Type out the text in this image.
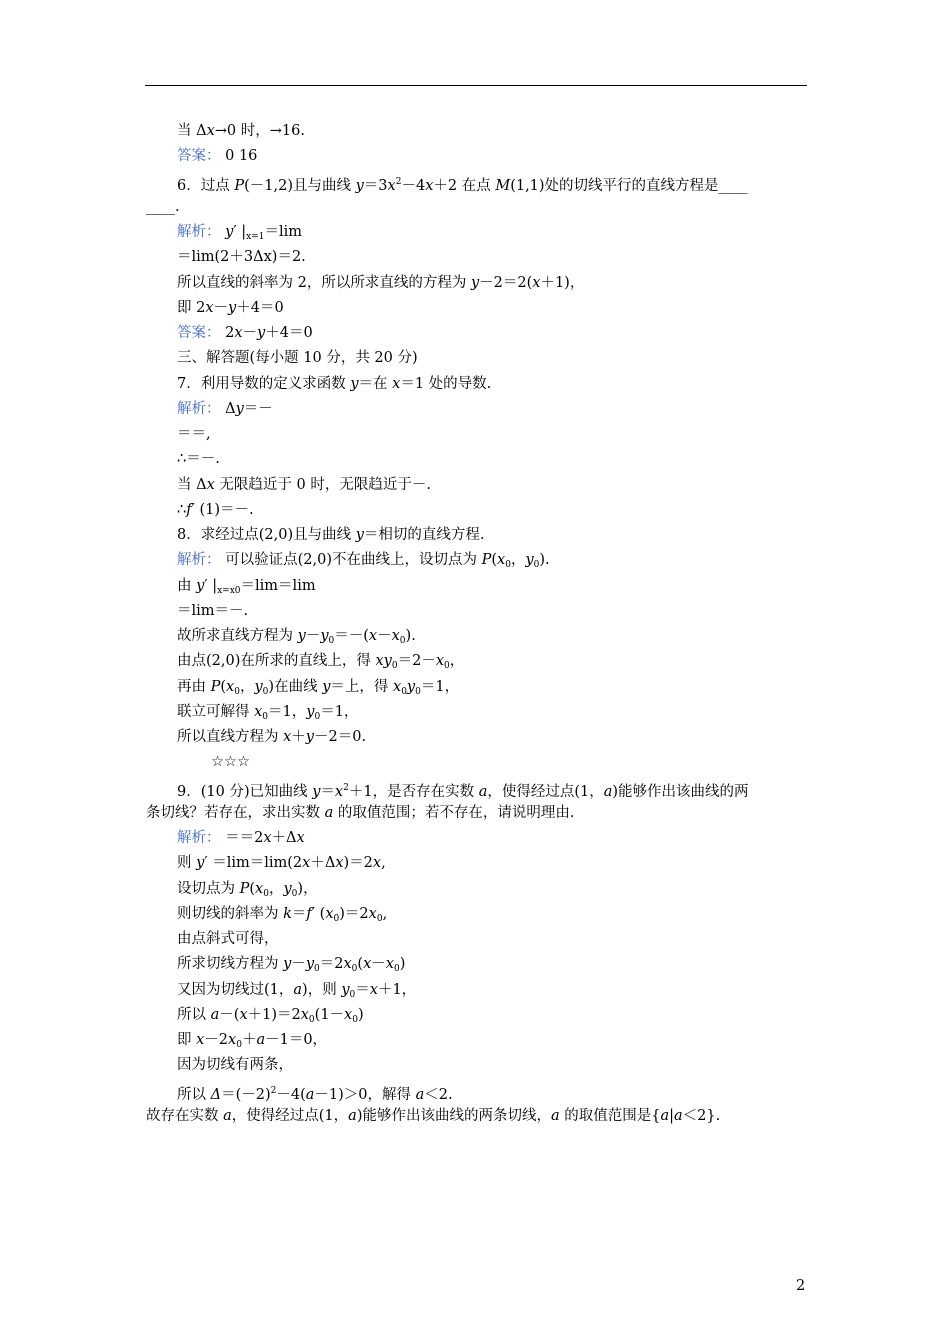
当 Δx→0 时，→16.
答案： 0 16
6．过点 P(－1,2)且与曲线 $y=3x^2-4x+2$ 在点 M(1,1)处的切线平行的直线方程是____
____.
解析： y′ $|_{x=1}=\lim$
＝lim(2＋3Δx)＝2.
所以直线的斜率为 2，所以所求直线的方程为 y－2＝2(x＋1)，
即 2x－y＋4＝0
答案： 2x－y＋4＝0
三、解答题(每小题 10 分，共 20 分)
7．利用导数的定义求函数 y＝在 x＝1 处的导数.
解析： Δy＝－
＝＝,
∴＝－.
当 Δx 无限趋近于 0 时，无限趋近于－.
∴f′ (1)＝－.
8．求经过点(2,0)且与曲线 y＝相切的直线方程.
解析： 可以验证点(2,0)不在曲线上，设切点为 $P(x_0$，$y_0$).
由 y′ $|_{x=x0}=\lim=\lim$
＝lim＝－.
故所求直线方程为 $y-y_0=-(x-x_0)$.
由点(2,0)在所求的直线上，得 $xy_0=2-x_0$，
再由 $P(x_0$，$y_0$)在曲线 y＝上，得 $x_0y_0=1$，
联立可解得 $x_0=1$，$y_0=1$，
所以直线方程为 x＋y－2＝0.
☆☆☆
9．(10 分)已知曲线 $y=x^2+1$，是否存在实数 a，使得经过点(1，a)能够作出该曲线的两
条切线？若存在，求出实数 a 的取值范围；若不存在，请说明理由.
解析： ＝＝2x＋Δx
则 y′ ＝lim＝lim(2x＋Δx)＝2x,
设切点为 $P(x_0$，$y_0$)，
则切线的斜率为 k＝f′ $(x_0)=2x_0$,
由点斜式可得，
所求切线方程为 $y-y_0=2x_0(x-x_0)$
又因为切线过(1，a)，则 $y_0=x+1$，
所以 $a-(x+1)=2x_0(1-x_0)$
即 $x-2x_0+a-1=0$，
因为切线有两条，
所以 $\Delta=(-2)^2-4(a-1)>0$，解得 a＜2.
故存在实数 a，使得经过点(1，a)能够作出该曲线的两条切线，a 的取值范围是{a|a＜2}.
2
